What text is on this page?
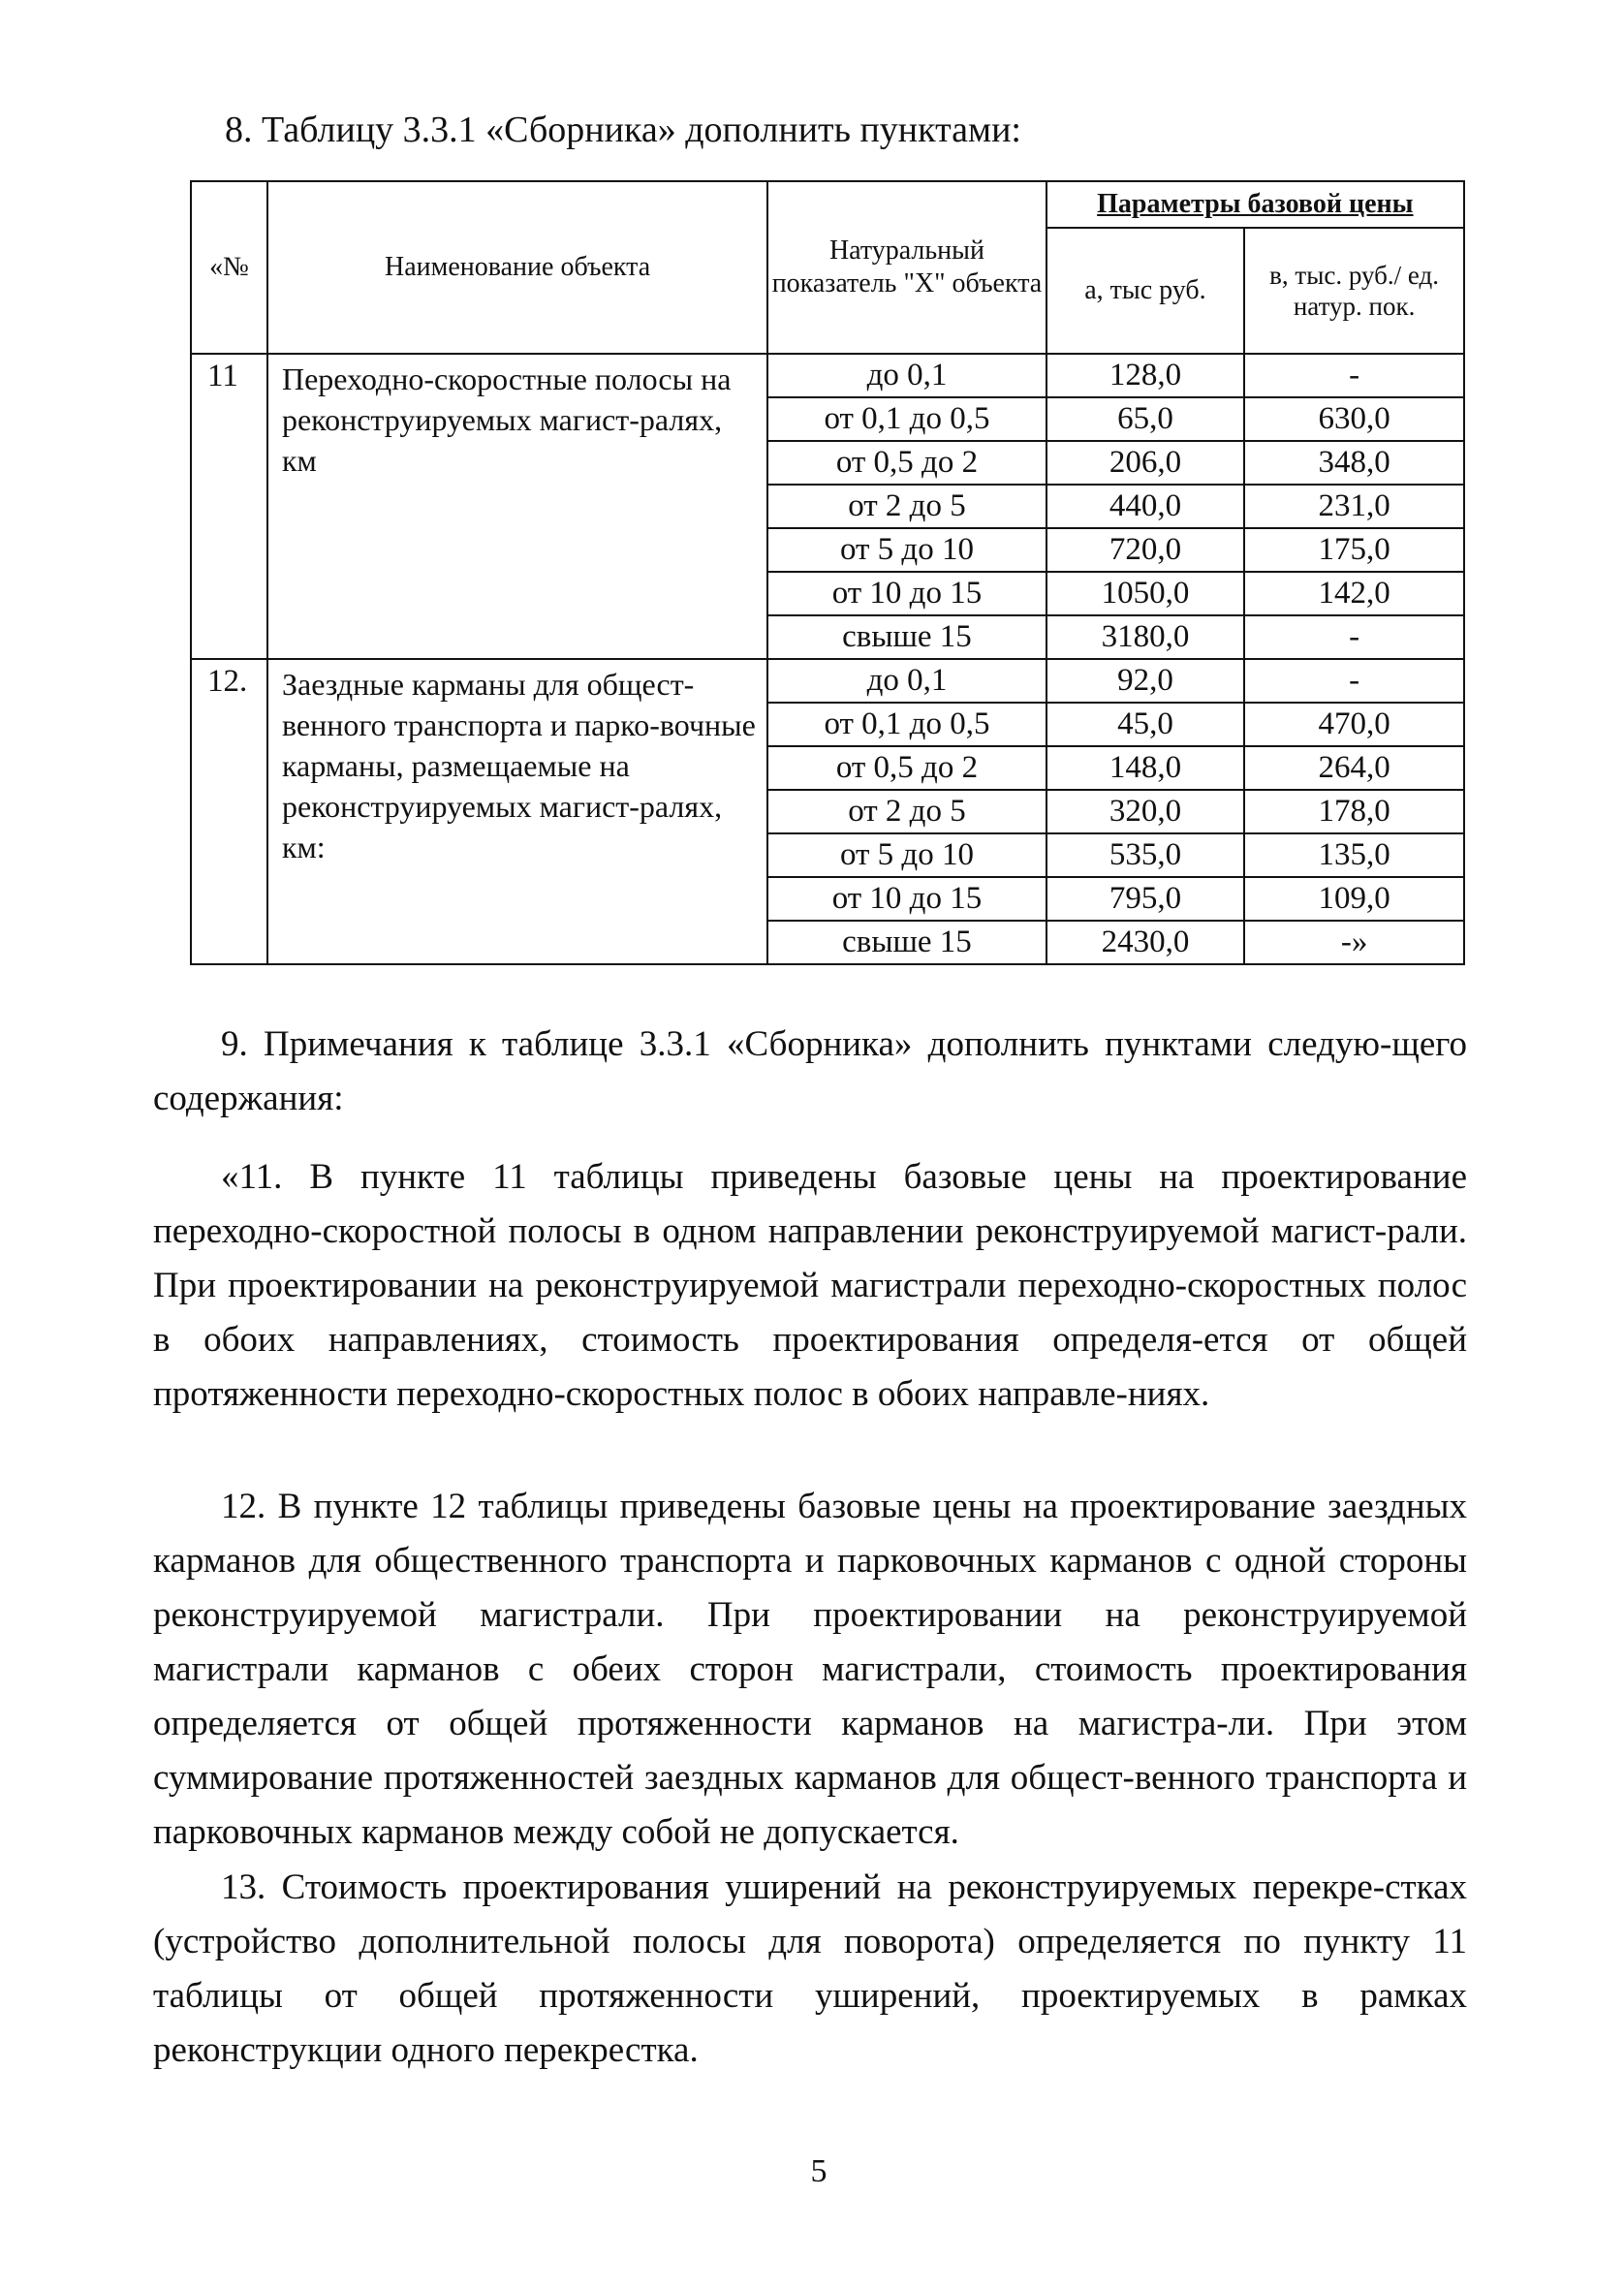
8. Таблицу 3.3.1 «Сборника» дополнить пунктами:
«№	Наименование объекта	Натуральный показатель "X" объекта	Параметры базовой цены	
			а, тыс руб.	в, тыс. руб./ ед. натур. пок.
11	Переходно-скоростные полосы на реконструируемых магист-ралях, км	до 0,1	128,0	-
		от 0,1 до 0,5	65,0	630,0
		от 0,5 до 2	206,0	348,0
		от 2 до 5	440,0	231,0
		от 5 до 10	720,0	175,0
		от 10 до 15	1050,0	142,0
		свыше 15	3180,0	-
12.	Заездные карманы для общест-венного транспорта и парко-вочные карманы, размещаемые на реконструируемых магист-ралях, км:	до 0,1	92,0	-
		от 0,1 до 0,5	45,0	470,0
		от 0,5 до 2	148,0	264,0
		от 2 до 5	320,0	178,0
		от 5 до 10	535,0	135,0
		от 10 до 15	795,0	109,0
		свыше 15	2430,0	-»

9. Примечания к таблице 3.3.1 «Сборника» дополнить пунктами следую-щего содержания:

«11. В пункте 11 таблицы приведены базовые цены на проектирование переходно-скоростной полосы в одном направлении реконструируемой магист-рали. При проектировании на реконструируемой магистрали переходно-скоростных полос в обоих направлениях, стоимость проектирования определя-ется от общей протяженности переходно-скоростных полос в обоих направле-ниях.

12. В пункте 12 таблицы приведены базовые цены на проектирование заездных карманов для общественного транспорта и парковочных карманов с одной стороны реконструируемой магистрали. При проектировании на реконструируемой магистрали карманов с обеих сторон магистрали, стоимость проектирования определяется от общей протяженности карманов на магистра-ли. При этом суммирование протяженностей заездных карманов для общест-венного транспорта и парковочных карманов между собой не допускается.

13. Стоимость проектирования уширений на реконструируемых перекре-стках (устройство дополнительной полосы для поворота) определяется по пункту 11 таблицы от общей протяженности уширений, проектируемых в рамках реконструкции одного перекрестка.

5
